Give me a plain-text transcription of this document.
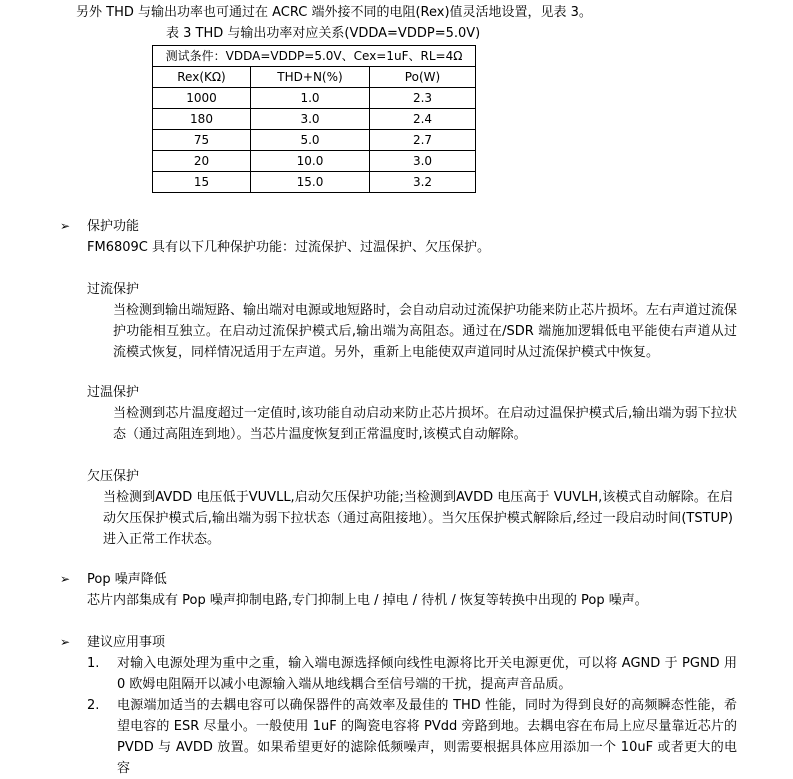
另外 THD 与输出功率也可通过在 ACRC 端外接不同的电阻(Rex)值灵活地设置，见表 3。
表 3 THD 与输出功率对应关系(VDDA=VDDP=5.0V)
测试条件：VDDA=VDDP=5.0V、Cex=1uF、RL=4Ω		
Rex(KΩ)	THD+N(%)	Po(W)
1000	1.0	2.3
180	3.0	2.4
75	5.0	2.7
20	10.0	3.0
15	15.0	3.2
➢ 保护功能
FM6809C 具有以下几种保护功能：过流保护、过温保护、欠压保护。
过流保护
当检测到输出端短路、输出端对电源或地短路时，会自动启动过流保护功能来防止芯片损坏。左右声道过流保护功能相互独立。在启动过流保护模式后,输出端为高阻态。通过在/SDR 端施加逻辑低电平能使右声道从过流模式恢复，同样情况适用于左声道。另外，重新上电能使双声道同时从过流保护模式中恢复。
过温保护
当检测到芯片温度超过一定值时,该功能自动启动来防止芯片损坏。在启动过温保护模式后,输出端为弱下拉状态（通过高阻连到地）。当芯片温度恢复到正常温度时,该模式自动解除。
欠压保护
当检测到AVDD 电压低于VUVLL,启动欠压保护功能;当检测到AVDD 电压高于 VUVLH,该模式自动解除。在启动欠压保护模式后,输出端为弱下拉状态（通过高阻接地）。当欠压保护模式解除后,经过一段启动时间(TSTUP)进入正常工作状态。
➢ Pop 噪声降低
芯片内部集成有 Pop 噪声抑制电路,专门抑制上电 / 掉电 / 待机 / 恢复等转换中出现的 Pop 噪声。
➢ 建议应用事项
1. 对输入电源处理为重中之重，输入端电源选择倾向线性电源将比开关电源更优，可以将 AGND 于 PGND 用 0 欧姆电阻隔开以减小电源输入端从地线耦合至信号端的干扰，提高声音品质。
2. 电源端加适当的去耦电容可以确保器件的高效率及最佳的 THD 性能，同时为得到良好的高频瞬态性能，希望电容的 ESR 尽量小。一般使用 1uF 的陶瓷电容将 PVdd 旁路到地。去耦电容在布局上应尽量靠近芯片的 PVDD 与 AVDD 放置。如果希望更好的滤除低频噪声，则需要根据具体应用添加一个 10uF 或者更大的电容
